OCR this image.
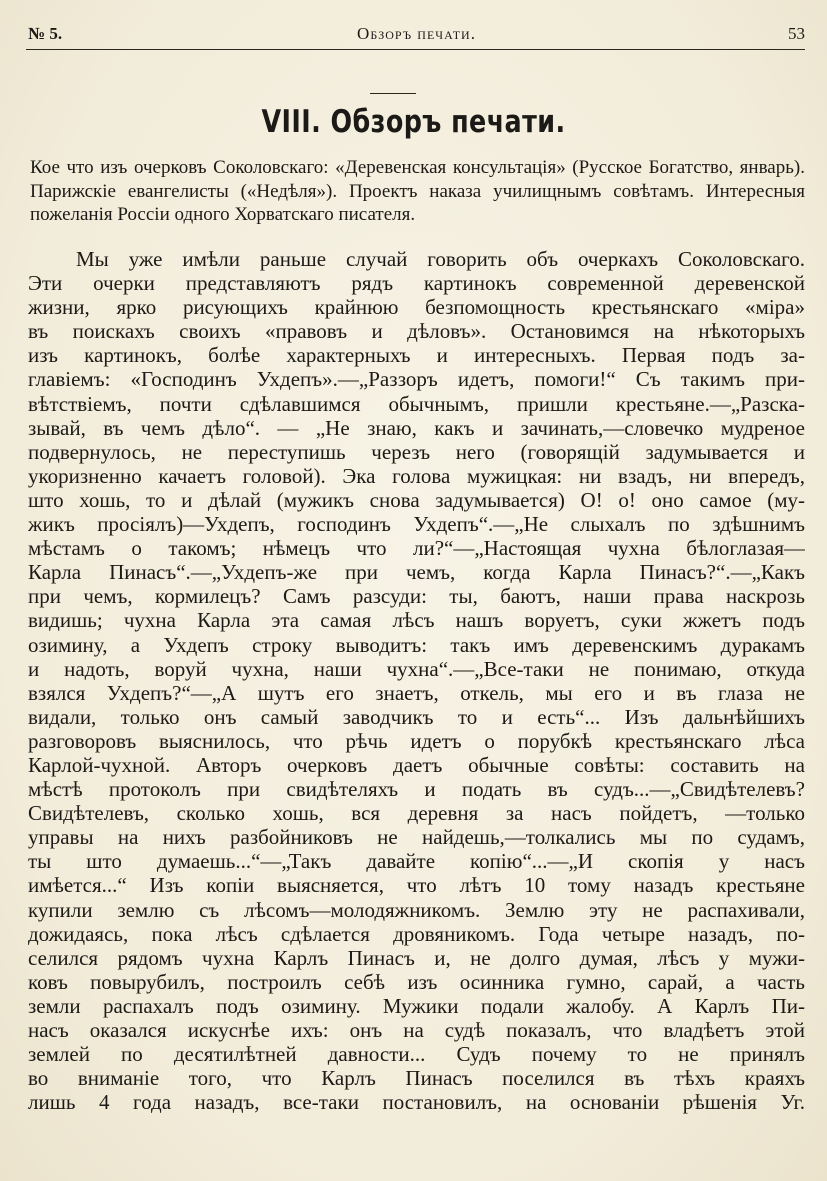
№ 5.	Обзоръ печати.	53
VIII. Обзоръ печати.

Кое что изъ очерковъ Соколовскаго: «Деревенская консультація» (Русское Богатство, январь). Парижскіе евангелисты («Недѣля»). Проектъ наказа училищнымъ совѣтамъ. Интересныя пожеланія Россіи одного Хорватскаго писателя.

Мы уже имѣли раньше случай говорить объ очеркахъ Соколовскаго.
Эти очерки представляютъ рядъ картинокъ современной деревенской
жизни, ярко рисующихъ крайнюю безпомощность крестьянскаго «міра»
въ поискахъ своихъ «правовъ и дѣловъ». Остановимся на нѣкоторыхъ
изъ картинокъ, болѣе характерныхъ и интересныхъ. Первая подъ за-
главіемъ: «Господинъ Ухдепъ».—„Раззоръ идетъ, помоги!“ Съ такимъ при-
вѣтствіемъ, почти сдѣлавшимся обычнымъ, пришли крестьяне.—„Разска-
зывай, въ чемъ дѣло“. — „Не знаю, какъ и зачинать,—словечко мудреное
подвернулось, не переступишь черезъ него (говорящій задумывается и
укоризненно качаетъ головой). Эка голова мужицкая: ни взадъ, ни впередъ,
што хошь, то и дѣлай (мужикъ снова задумывается) О! о! оно самое (му-
жикъ просіялъ)—Ухдепъ, господинъ Ухдепъ“.—„Не слыхалъ по здѣшнимъ
мѣстамъ о такомъ; нѣмецъ что ли?“—„Настоящая чухна бѣлоглазая—
Карла Пинасъ“.—„Ухдепъ-же при чемъ, когда Карла Пинасъ?“.—„Какъ
при чемъ, кормилецъ? Самъ разсуди: ты, баютъ, наши права наскрозь
видишь; чухна Карла эта самая лѣсъ нашъ воруетъ, суки жжетъ подъ
озимину, а Ухдепъ строку выводитъ: такъ имъ деревенскимъ дуракамъ
и надоть, воруй чухна, наши чухна“.—„Все-таки не понимаю, откуда
взялся Ухдепъ?“—„А шутъ его знаетъ, откель, мы его и въ глаза не
видали, только онъ самый заводчикъ то и есть“... Изъ дальнѣйшихъ
разговоровъ выяснилось, что рѣчь идетъ о порубкѣ крестьянскаго лѣса
Карлой-чухной. Авторъ очерковъ даетъ обычные совѣты: составить на
мѣстѣ протоколъ при свидѣтеляхъ и подать въ судъ...—„Свидѣтелевъ?
Свидѣтелевъ, сколько хошь, вся деревня за насъ пойдетъ, —только
управы на нихъ разбойниковъ не найдешь,—толкались мы по судамъ,
ты што думаешь...“—„Такъ давайте копію“...—„И скопія у насъ
имѣется...“ Изъ копіи выясняется, что лѣтъ 10 тому назадъ крестьяне
купили землю съ лѣсомъ—молодяжникомъ. Землю эту не распахивали,
дожидаясь, пока лѣсъ сдѣлается дровяникомъ. Года четыре назадъ, по-
селился рядомъ чухна Карлъ Пинасъ и, не долго думая, лѣсъ у мужи-
ковъ повырубилъ, построилъ себѣ изъ осинника гумно, сарай, а часть
земли распахалъ подъ озимину. Мужики подали жалобу. А Карлъ Пи-
насъ оказался искуснѣе ихъ: онъ на судѣ показалъ, что владѣетъ этой
землей по десятилѣтней давности... Судъ почему то не принялъ
во вниманіе того, что Карлъ Пинасъ поселился въ тѣхъ краяхъ
лишь 4 года назадъ, все-таки постановилъ, на основаніи рѣшенія Уг.
